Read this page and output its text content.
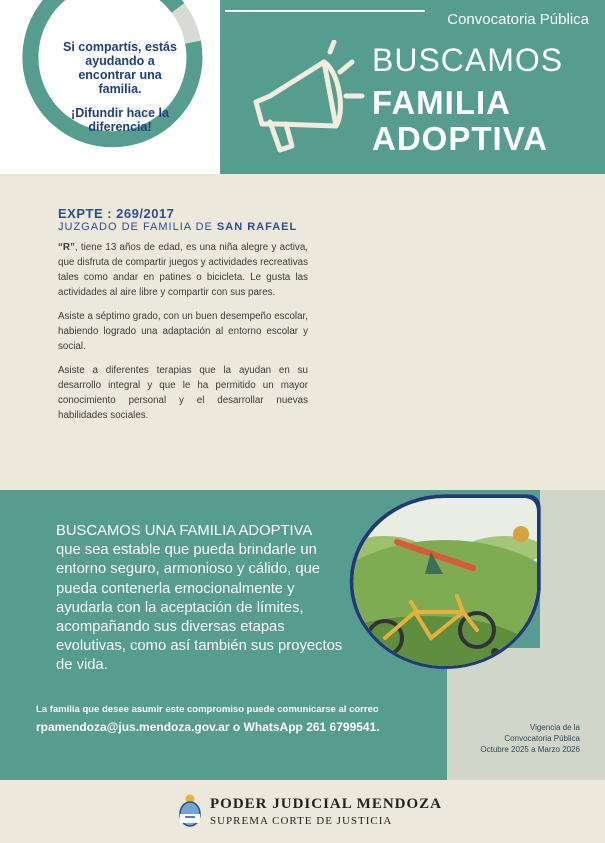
Si compartís, estás ayudando a encontrar una familia.

¡Difundir hace la diferencia!

Convocatoria Pública
BUSCAMOS
FAMILIA
ADOPTIVA
EXPTE : 269/2017
JUZGADO DE FAMILIA DE SAN RAFAEL

“R”, tiene 13 años de edad, es una niña alegre y activa, que disfruta de compartir juegos y actividades recreativas tales como andar en patines o bicicleta. Le gusta las actividades al aire libre y compartir con sus pares.

Asiste a séptimo grado, con un buen desempeño escolar, habiendo logrado una adaptación al entorno escolar y social.

Asiste a diferentes terapias que la ayudan en su desarrollo integral y que le ha permitido un mayor conocimiento personal y el desarrollar nuevas habilidades sociales.

BUSCAMOS UNA FAMILIA ADOPTIVA
que sea estable que pueda brindarle un entorno seguro, armonioso y cálido, que pueda contenerla emocionalmente y ayudarla con la aceptación de límites, acompañando sus diversas etapas evolutivas, como así también sus proyectos de vida.
La familia que desee asumir este compromiso puede comunicarse al correo
rpamendoza@jus.mendoza.gov.ar o WhatsApp 261 6799541.	Vigencia de la
Convocatoria Pública
Octubre 2025 a Marzo 2026
PODER JUDICIAL MENDOZA
SUPREMA CORTE DE JUSTICIA
